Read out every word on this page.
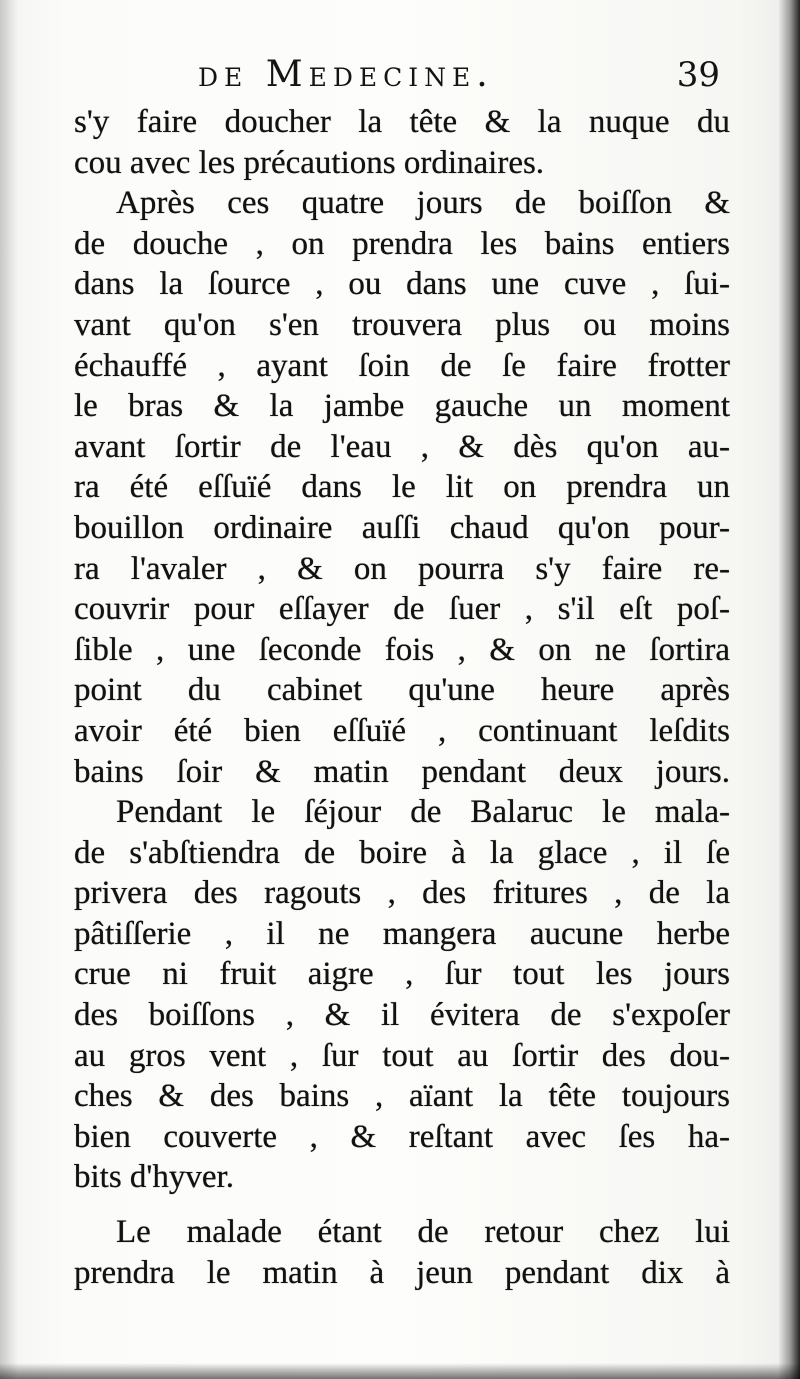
de Medecine.	39
s'y faire doucher la tête & la nuque du
cou avec les précautions ordinaires.
Après ces quatre jours de boiſſon &
de douche , on prendra les bains entiers
dans la ſource , ou dans une cuve , ſui-
vant qu'on s'en trouvera plus ou moins
échauffé , ayant ſoin de ſe faire frotter
le bras & la jambe gauche un moment
avant ſortir de l'eau , & dès qu'on au-
ra été eſſuïé dans le lit on prendra un
bouillon ordinaire auſſi chaud qu'on pour-
ra l'avaler , & on pourra s'y faire re-
couvrir pour eſſayer de ſuer , s'il eſt poſ-
ſible , une ſeconde fois , & on ne ſortira
point du cabinet qu'une heure après
avoir été bien eſſuïé , continuant leſdits
bains ſoir & matin pendant deux jours.
Pendant le ſéjour de Balaruc le mala-
de s'abſtiendra de boire à la glace , il ſe
privera des ragouts , des fritures , de la
pâtiſſerie , il ne mangera aucune herbe
crue ni fruit aigre , ſur tout les jours
des boiſſons , & il évitera de s'expoſer
au gros vent , ſur tout au ſortir des dou-
ches & des bains , aïant la tête toujours
bien couverte , & reſtant avec ſes ha-
bits d'hyver.
Le malade étant de retour chez lui
prendra le matin à jeun pendant dix à
